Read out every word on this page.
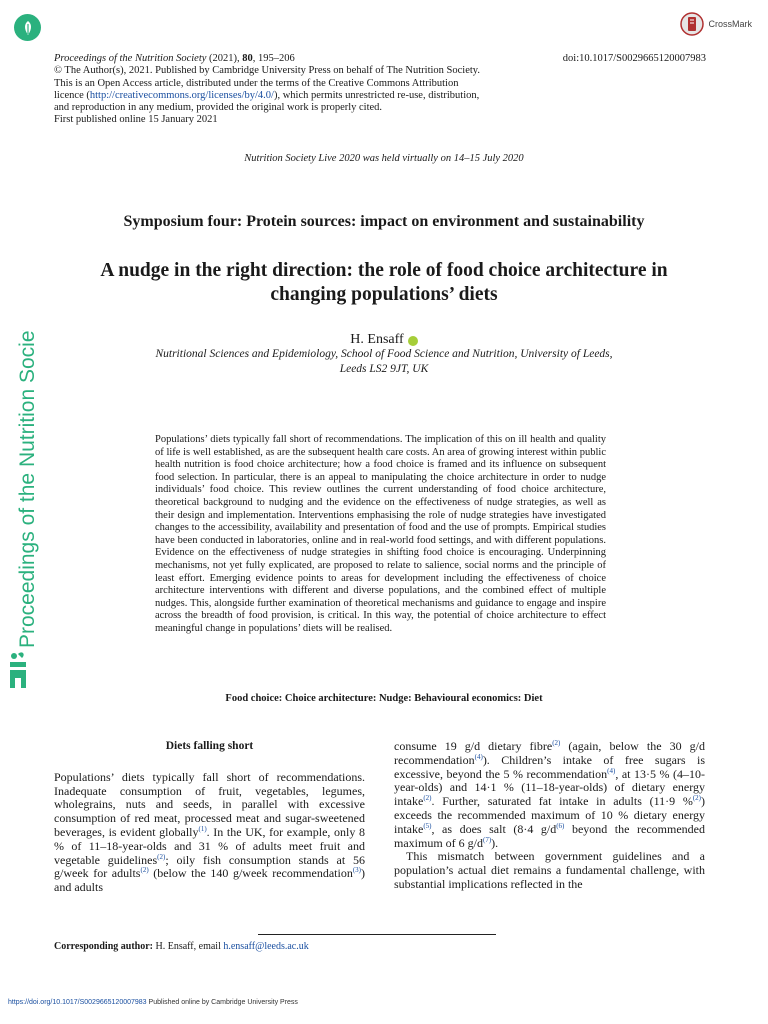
Proceedings of the Nutrition Society
CrossMark
Proceedings of the Nutrition Society (2021), 80, 195–206	doi:10.1017/S0029665120007983
© The Author(s), 2021. Published by Cambridge University Press on behalf of The Nutrition Society.
This is an Open Access article, distributed under the terms of the Creative Commons Attribution
licence (http://creativecommons.org/licenses/by/4.0/), which permits unrestricted re-use, distribution,
and reproduction in any medium, provided the original work is properly cited.
First published online 15 January 2021
Nutrition Society Live 2020 was held virtually on 14–15 July 2020
Symposium four: Protein sources: impact on environment and sustainability
A nudge in the right direction: the role of food choice architecture in
changing populations’ diets
H. Ensaff
Nutritional Sciences and Epidemiology, School of Food Science and Nutrition, University of Leeds,
Leeds LS2 9JT, UK
Populations’ diets typically fall short of recommendations. The implication of this on ill health and quality of life is well established, as are the subsequent health care costs. An area of growing interest within public health nutrition is food choice architecture; how a food choice is framed and its influence on subsequent food selection. In particular, there is an appeal to manipulating the choice architecture in order to nudge individuals’ food choice. This review outlines the current understanding of food choice architecture, theoretical background to nudging and the evidence on the effectiveness of nudge strategies, as well as their design and implementation. Interventions emphasising the role of nudge strategies have investigated changes to the accessibility, availability and presentation of food and the use of prompts. Empirical studies have been conducted in laboratories, online and in real-world food settings, and with different populations. Evidence on the effectiveness of nudge strategies in shifting food choice is encouraging. Underpinning mechanisms, not yet fully explicated, are proposed to relate to salience, social norms and the principle of least effort. Emerging evidence points to areas for development including the effectiveness of choice architecture interventions with different and diverse populations, and the combined effect of multiple nudges. This, alongside further examination of theoretical mechanisms and guidance to engage and inspire across the breadth of food provision, is critical. In this way, the potential of choice architecture to effect meaningful change in populations’ diets will be realised.
Food choice: Choice architecture: Nudge: Behavioural economics: Diet
Diets falling short
Populations’ diets typically fall short of recommendations. Inadequate consumption of fruit, vegetables, legumes, wholegrains, nuts and seeds, in parallel with excessive consumption of red meat, processed meat and sugar-sweetened beverages, is evident globally$^{(1)}$. In the UK, for example, only 8 % of 11–18-year-olds and 31 % of adults meet fruit and vegetable guidelines$^{(2)}$; oily fish consumption stands at 56 g/week for adults$^{(2)}$ (below the 140 g/week recommendation$^{(3)}$) and adults
consume 19 g/d dietary fibre$^{(2)}$ (again, below the 30 g/d recommendation$^{(4)}$). Children’s intake of free sugars is excessive, beyond the 5 % recommendation$^{(4)}$, at 13·5 % (4–10-year-olds) and 14·1 % (11–18-year-olds) of dietary energy intake$^{(2)}$. Further, saturated fat intake in adults (11·9 %$^{(2)}$) exceeds the recommended maximum of 10 % dietary energy intake$^{(5)}$, as does salt (8·4 g/d$^{(6)}$ beyond the recommended maximum of 6 g/d$^{(7)}$).
This mismatch between government guidelines and a population’s actual diet remains a fundamental challenge, with substantial implications reflected in the
Corresponding author: H. Ensaff, email h.ensaff@leeds.ac.uk
https://doi.org/10.1017/S0029665120007983 Published online by Cambridge University Press
